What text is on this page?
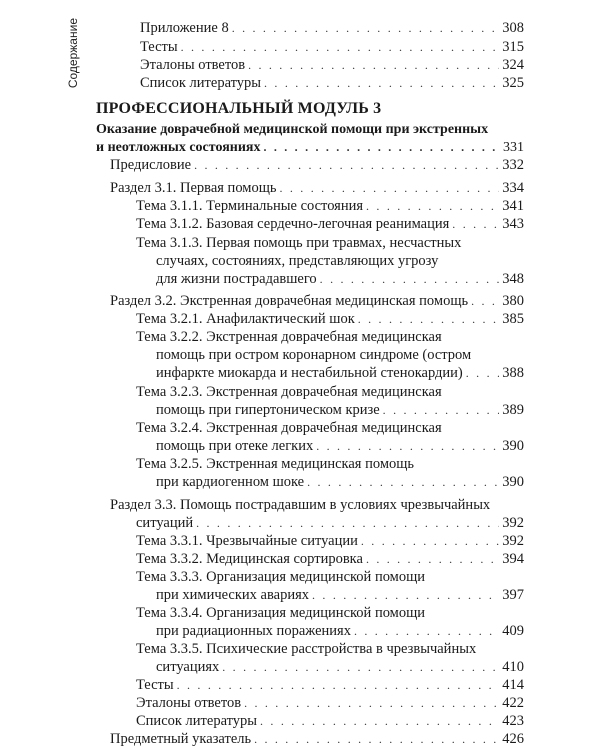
Содержание	Приложение 8 . . .	308
Тесты . . .	315
Эталоны ответов . . .	324
Список литературы . . .	325
ПРОФЕССИОНАЛЬНЫЙ МОДУЛЬ 3
Оказание доврачебной медицинской помощи при экстренных
и неотложных состояниях . . .	331
Предисловие . . .	332
Раздел 3.1. Первая помощь . . .	334
Тема 3.1.1. Терминальные состояния . . .	341
Тема 3.1.2. Базовая сердечно-легочная реанимация . . .	343
Тема 3.1.3. Первая помощь при травмах, несчастных
случаях, состояниях, представляющих угрозу
для жизни пострадавшего . . .	348
Раздел 3.2. Экстренная доврачебная медицинская помощь . . . 380
Тема 3.2.1. Анафилактический шок . . .	385
Тема 3.2.2. Экстренная доврачебная медицинская
помощь при остром коронарном синдроме (остром
инфаркте миокарда и нестабильной стенокардии) . . .	388
Тема 3.2.3. Экстренная доврачебная медицинская
помощь при гипертоническом кризе . . .	389
Тема 3.2.4. Экстренная доврачебная медицинская
помощь при отеке легких . . .	390
Тема 3.2.5. Экстренная медицинская помощь
при кардиогенном шоке . . .	390
Раздел 3.3. Помощь пострадавшим в условиях чрезвычайных
ситуаций . . .	392
Тема 3.3.1. Чрезвычайные ситуации . . .	392
Тема 3.3.2. Медицинская сортировка . . .	394
Тема 3.3.3. Организация медицинской помощи
при химических авариях . . .	397
Тема 3.3.4. Организация медицинской помощи
при радиационных поражениях . . .	409
Тема 3.3.5. Психические расстройства в чрезвычайных
ситуациях . . .	410
Тесты . . .	414
Эталоны ответов . . .	422
Список литературы . . .	423
Предметный указатель . . .	426
